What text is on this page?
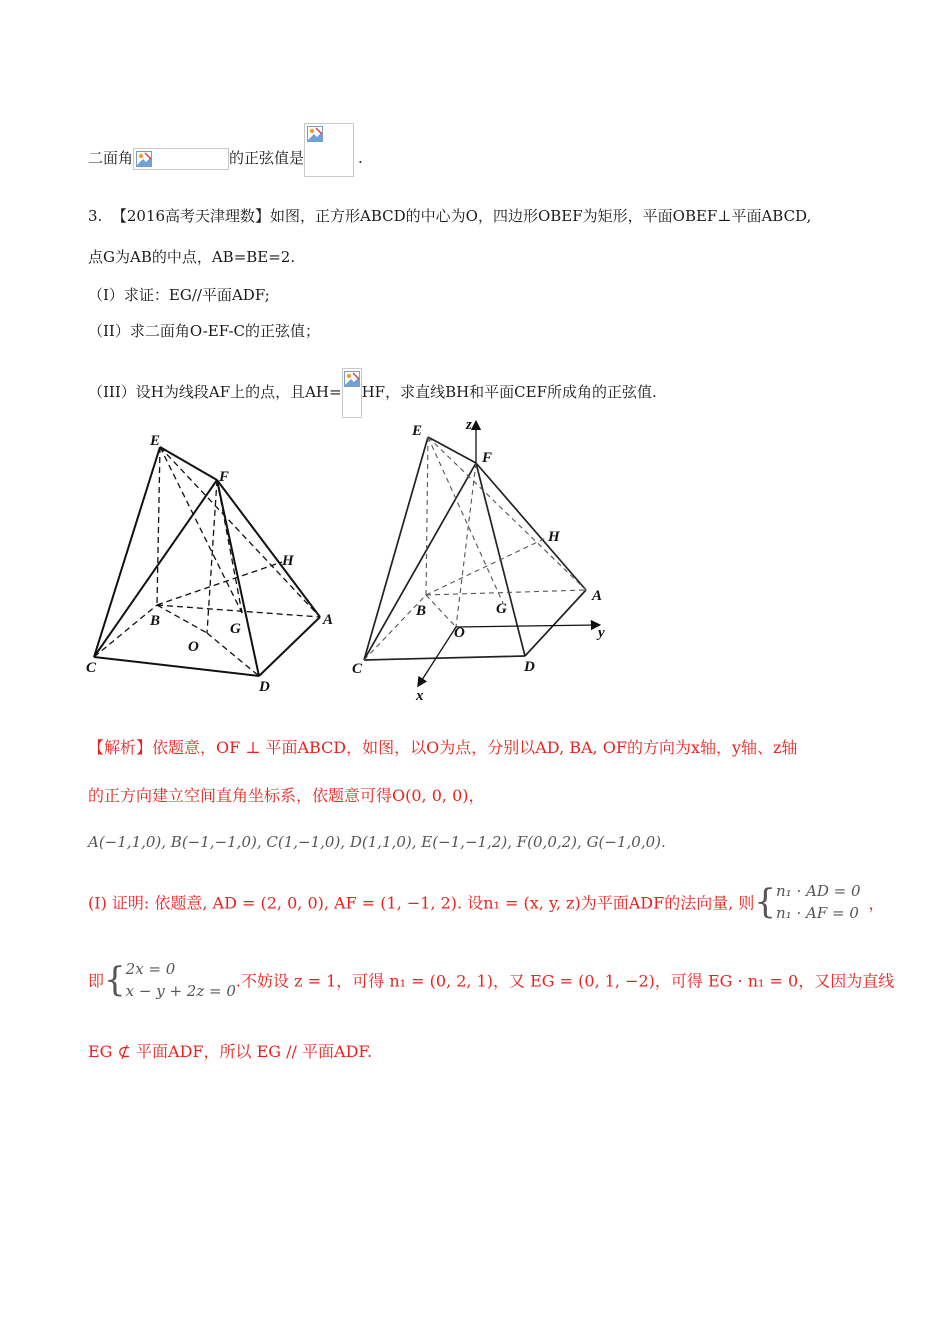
二面角	的正弦值是	.
3. 【2016高考天津理数】如图，正方形ABCD的中心为O，四边形OBEF为矩形，平面OBEF⊥平面ABCD,
点G为AB的中点，AB=BE=2.
（I）求证：EG//平面ADF;
（II）求二面角O-EF-C的正弦值；
（III）设H为线段AF上的点，且AH= HF，求直线BH和平面CEF所成角的正弦值.
E
F
H
A
B	G
O
C
D
E	z
F
H
A
B	G
O	y
C	D
x
【解析】依题意，OF ⊥ 平面ABCD，如图，以O为点，分别以AD, BA, OF的方向为x轴，y轴、z轴
的正方向建立空间直角坐标系，依题意可得O(0, 0, 0)，
A(−1,1,0), B(−1,−1,0), C(1,−1,0), D(1,1,0), E(−1,−1,2), F(0,0,2), G(−1,0,0).
(I) 证明: 依题意, AD = (2, 0, 0), AF = (1, −1, 2). 设n₁ = (x, y, z)为平面ADF的法向量, 则{n₁ · AD = 0
n₁ · AF = 0，
即{2x = 0
x − y + 2z = 0.不妨设 z = 1，可得 n₁ = (0, 2, 1)，又 EG = (0, 1, −2)，可得 EG · n₁ = 0，又因为直线
EG ⊄ 平面ADF，所以 EG // 平面ADF.
